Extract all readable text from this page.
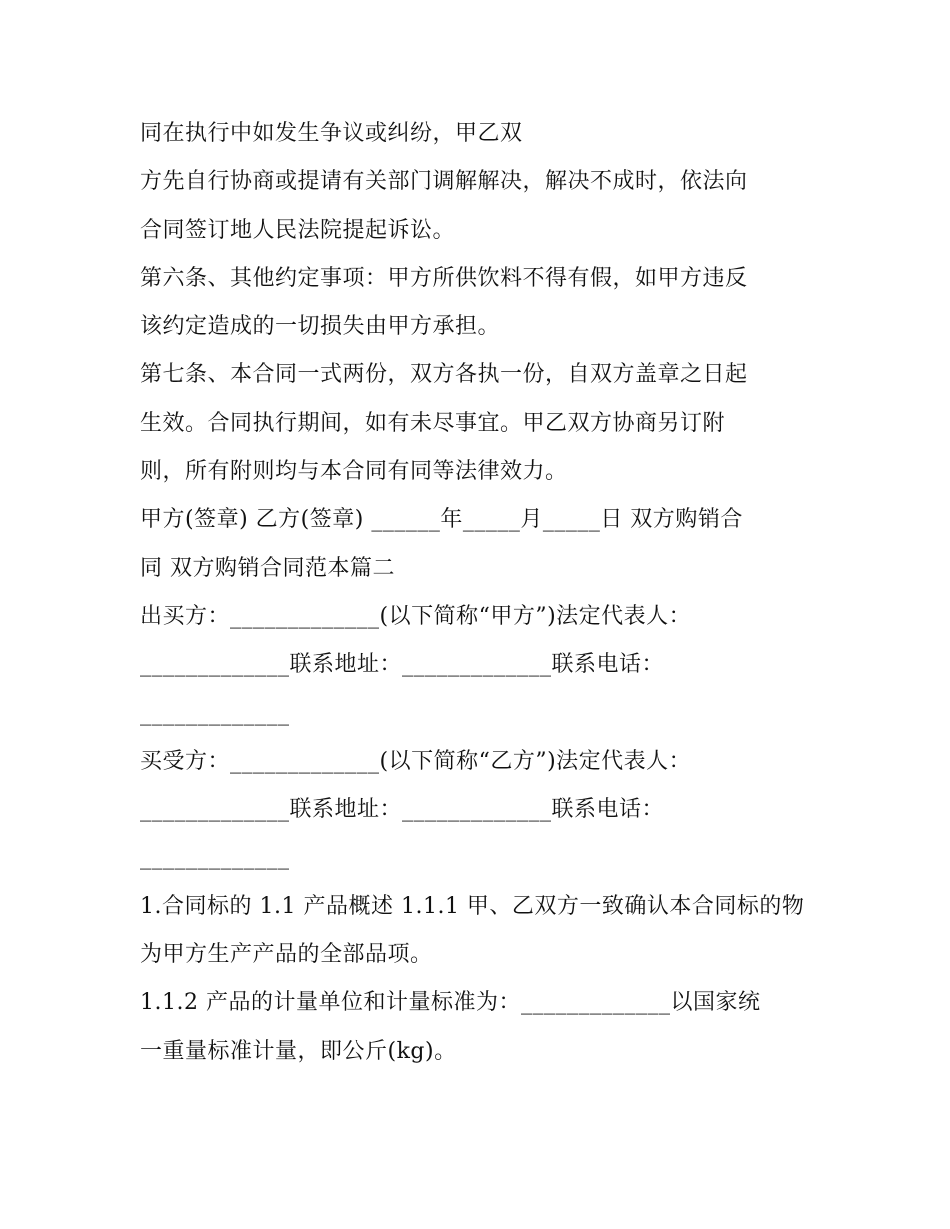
同在执行中如发生争议或纠纷，甲乙双
方先自行协商或提请有关部门调解解决，解决不成时，依法向
合同签订地人民法院提起诉讼。
第六条、其他约定事项：甲方所供饮料不得有假，如甲方违反
该约定造成的一切损失由甲方承担。
第七条、本合同一式两份，双方各执一份，自双方盖章之日起
生效。合同执行期间，如有未尽事宜。甲乙双方协商另订附
则，所有附则均与本合同有同等法律效力。
甲方(签章) 乙方(签章) ______年_____月_____日 双方购销合
同 双方购销合同范本篇二
出买方：_____________(以下简称“甲方”)法定代表人：
_____________联系地址：_____________联系电话：
_____________
买受方：_____________(以下简称“乙方”)法定代表人：
_____________联系地址：_____________联系电话：
_____________
1.合同标的 1.1 产品概述 1.1.1 甲、乙双方一致确认本合同标的物
为甲方生产产品的全部品项。
1.1.2 产品的计量单位和计量标准为：_____________以国家统
一重量标准计量，即公斤(kg)。
